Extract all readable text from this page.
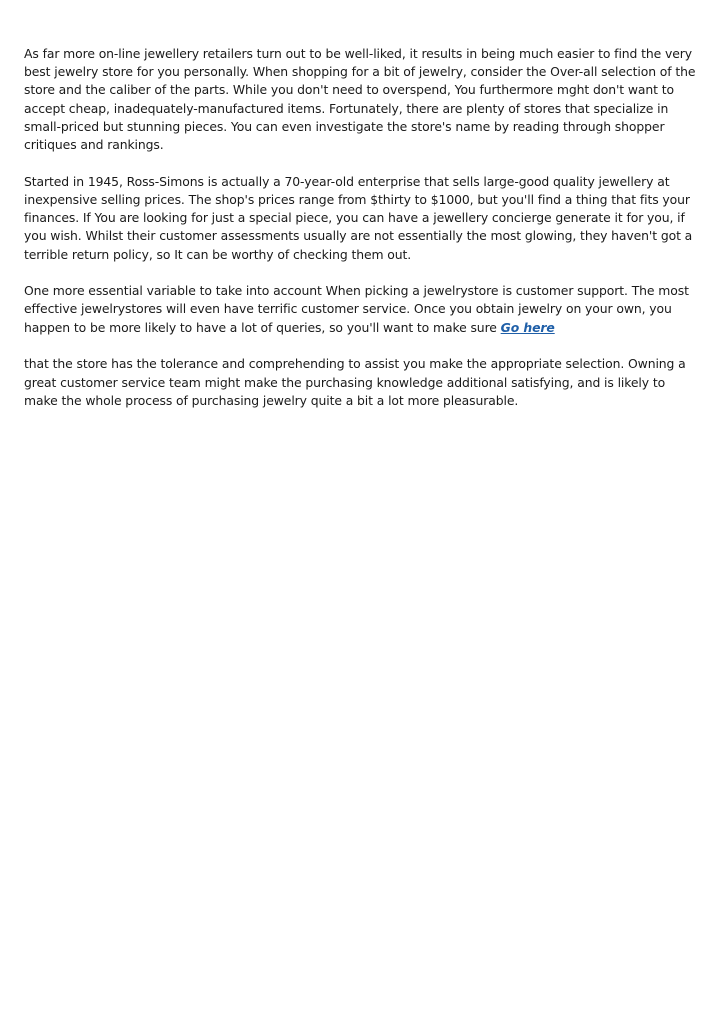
As far more on-line jewellery retailers turn out to be well-liked, it results in being much easier to find the very best jewelry store for you personally. When shopping for a bit of jewelry, consider the Over-all selection of the store and the caliber of the parts. While you don't need to overspend, You furthermore mght don't want to accept cheap, inadequately-manufactured items. Fortunately, there are plenty of stores that specialize in small-priced but stunning pieces. You can even investigate the store's name by reading through shopper critiques and rankings.

Started in 1945, Ross-Simons is actually a 70-year-old enterprise that sells large-good quality jewellery at inexpensive selling prices. The shop's prices range from $thirty to $1000, but you'll find a thing that fits your finances. If You are looking for just a special piece, you can have a jewellery concierge generate it for you, if you wish. Whilst their customer assessments usually are not essentially the most glowing, they haven't got a terrible return policy, so It can be worthy of checking them out.

One more essential variable to take into account When picking a jewelrystore is customer support. The most effective jewelrystores will even have terrific customer service. Once you obtain jewelry on your own, you happen to be more likely to have a lot of queries, so you'll want to make sure Go here

that the store has the tolerance and comprehending to assist you make the appropriate selection. Owning a great customer service team might make the purchasing knowledge additional satisfying, and is likely to make the whole process of purchasing jewelry quite a bit a lot more pleasurable.
